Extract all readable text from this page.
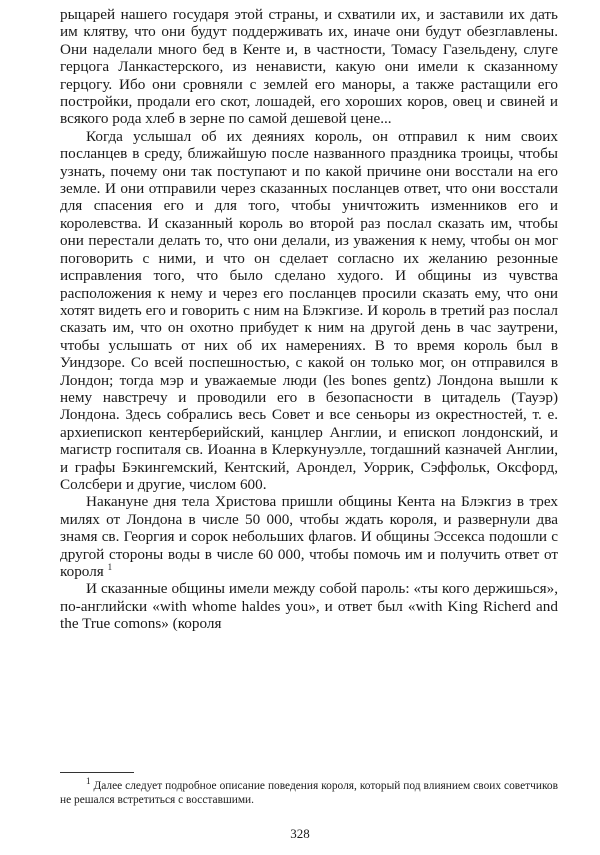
рыцарей нашего государя этой страны, и схватили их, и заставили их дать им клятву, что они будут поддерживать их, иначе они будут обезглавлены. Они наделали много бед в Кенте и, в частности, Томасу Газельдену, слуге герцога Ланкастерского, из ненависти, какую они имели к сказанному герцогу. Ибо они сровняли с землей его маноры, а также растащили его постройки, продали его скот, лошадей, его хороших коров, овец и свиней и всякого рода хлеб в зерне по самой дешевой цене...

Когда услышал об их деяниях король, он отправил к ним своих посланцев в среду, ближайшую после названного праздника троицы, чтобы узнать, почему они так поступают и по какой причине они восстали на его земле. И они отправили через сказанных посланцев ответ, что они восстали для спасения его и для того, чтобы уничтожить изменников его и королевства. И сказанный король во второй раз послал сказать им, чтобы они перестали делать то, что они делали, из уважения к нему, чтобы он мог поговорить с ними, и что он сделает согласно их желанию резонные исправления того, что было сделано худого. И общины из чувства расположения к нему и через его посланцев просили сказать ему, что они хотят видеть его и говорить с ним на Блэкгизе. И король в третий раз послал сказать им, что он охотно прибудет к ним на другой день в час заутрени, чтобы услышать от них об их намерениях. В то время король был в Уиндзоре. Со всей поспешностью, с какой он только мог, он отправился в Лондон; тогда мэр и уважаемые люди (les bones gentz) Лондона вышли к нему навстречу и проводили его в безопасности в цитадель (Тауэр) Лондона. Здесь собрались весь Совет и все сеньоры из окрестностей, т. е. архиепископ кентерберийский, канцлер Англии, и епископ лондонский, и магистр госпиталя св. Иоанна в Клеркунуэлле, тогдашний казначей Англии, и графы Бэкингемский, Кентский, Арондел, Уоррик, Сэффольк, Оксфорд, Солсбери и другие, числом 600.

Накануне дня тела Христова пришли общины Кента на Блэкгиз в трех милях от Лондона в числе 50 000, чтобы ждать короля, и развернули два знамя св. Георгия и сорок небольших флагов. И общины Эссекса подошли с другой стороны воды в числе 60 000, чтобы помочь им и получить ответ от короля $^1$

И сказанные общины имели между собой пароль: «ты кого держишься», по-английски «with whome haldes you», и ответ был «with King Richerd and the True comons» (короля

$^1$ Далее следует подробное описание поведения короля, который под влиянием своих советчиков не решался встретиться с восставшими.
328
